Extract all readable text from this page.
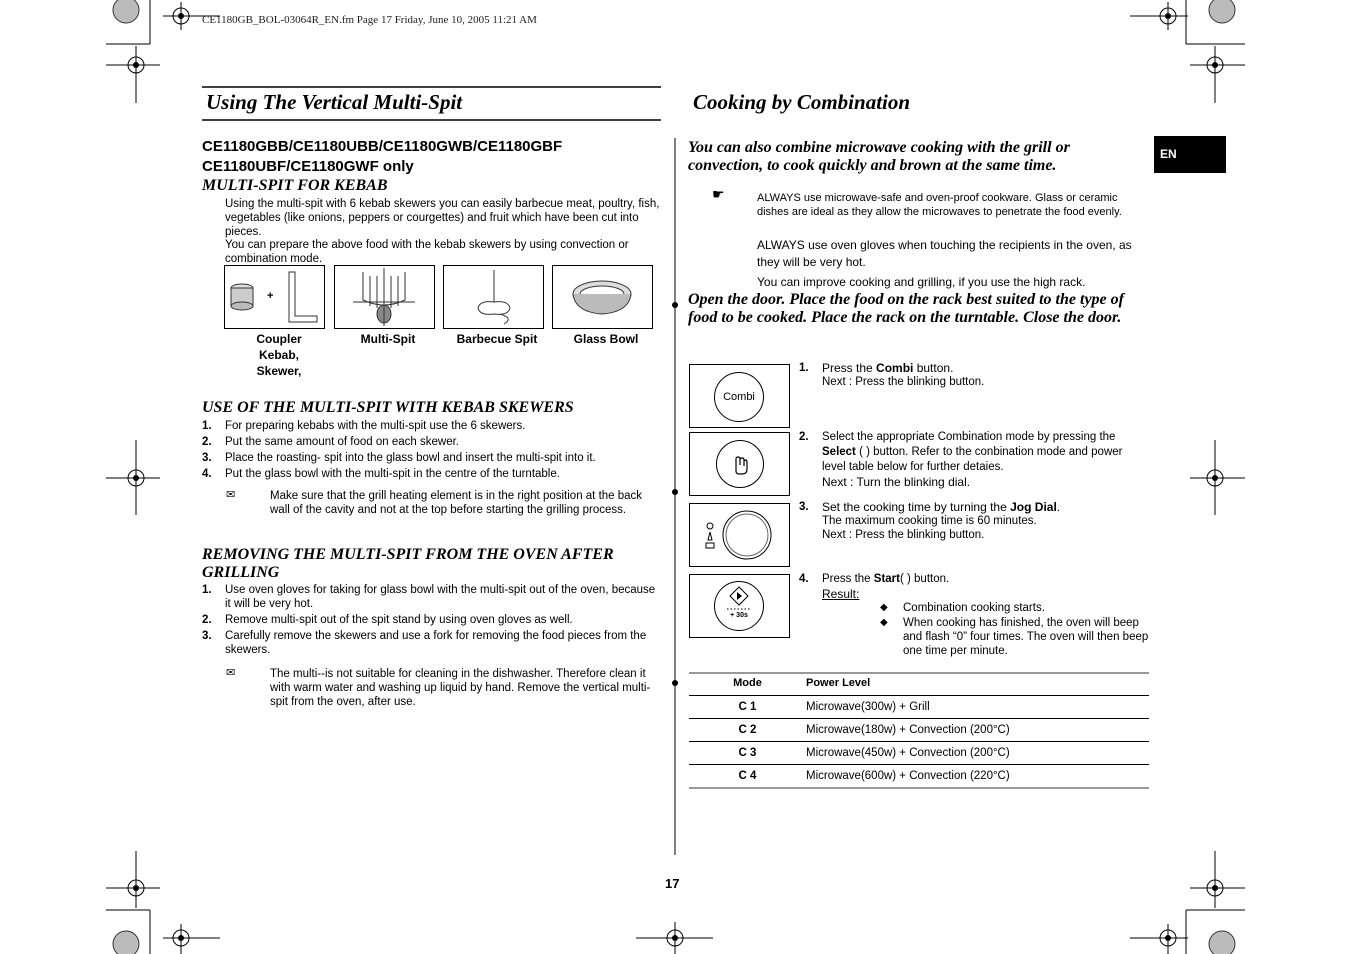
CE1180GB_BOL-03064R_EN.fm Page 17 Friday, June 10, 2005 11:21 AM
EN
Using The Vertical Multi-Spit
CE1180GBB/CE1180UBB/CE1180GWB/CE1180GBF
CE1180UBF/CE1180GWF only
MULTI-SPIT FOR KEBAB
Using the multi-spit with 6 kebab skewers you can easily barbecue meat, poultry, fish, vegetables (like onions, peppers or courgettes) and fruit which have been cut into pieces.
You can prepare the above food with the kebab skewers by using convection or combination mode.
+
Coupler Kebab, Skewer,
Multi-Spit	Barbecue Spit	Glass Bowl
USE OF THE MULTI-SPIT WITH KEBAB SKEWERS
1. For preparing kebabs with the multi-spit use the 6 skewers.
2. Put the same amount of food on each skewer.
3. Place the roasting- spit into the glass bowl and insert the multi-spit into it.
4. Put the glass bowl with the multi-spit in the centre of the turntable.
✉	Make sure that the grill heating element is in the right position at the back wall of the cavity and not at the top before starting the grilling process.
REMOVING THE MULTI-SPIT FROM THE OVEN AFTER GRILLING
1. Use oven gloves for taking for glass bowl with the multi-spit out of the oven, because it will be very hot.
2. Remove multi-spit out of the spit stand by using oven gloves as well.
3. Carefully remove the skewers and use a fork for removing the food pieces from the skewers.
✉	The multi--is not suitable for cleaning in the dishwasher. Therefore clean it with warm water and washing up liquid by hand. Remove the vertical multi-spit from the oven, after use.
Cooking by Combination
You can also combine microwave cooking with the grill or convection, to cook quickly and brown at the same time.
☛	ALWAYS use microwave-safe and oven-proof cookware. Glass or ceramic dishes are ideal as they allow the microwaves to penetrate the food evenly.
ALWAYS use oven gloves when touching the recipients in the oven, as they will be very hot.
You can improve cooking and grilling, if you use the high rack.
Open the door. Place the food on the rack best suited to the type of food to be cooked. Place the rack on the turntable. Close the door.
Combi
+ 30s
1. Press the Combi button.
Next : Press the blinking button.
2. Select the appropriate Combination mode by pressing the Select ( ) button. Refer to the conbination mode and power level table below for further detaies.
Next : Turn the blinking dial.
3. Set the cooking time by turning the Jog Dial.
The maximum cooking time is 60 minutes.
Next : Press the blinking button.
4. Press the Start( ) button.
Result:
◆ Combination cooking starts.
◆ When cooking has finished, the oven will beep and flash “0” four times. The oven will then beep one time per minute.
Mode	Power Level
C 1	Microwave(300w) + Grill
C 2	Microwave(180w) + Convection (200°C)
C 3	Microwave(450w) + Convection (200°C)
C 4	Microwave(600w) + Convection (220°C)
17
